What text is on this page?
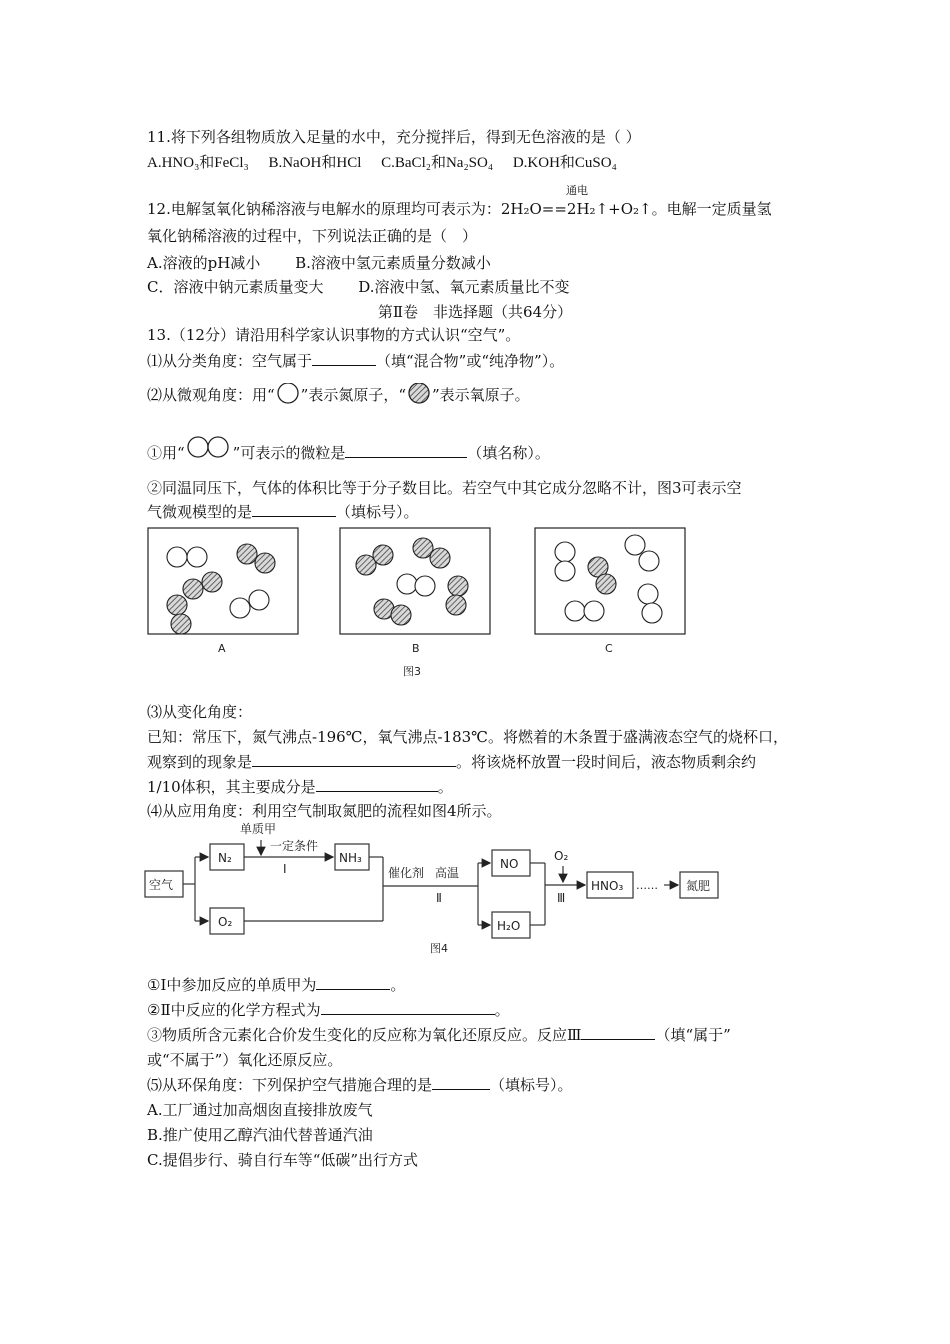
11.将下列各组物质放入足量的水中，充分搅拌后，得到无色溶液的是（ ）
A.HNO₃和FeCl₃ B.NaOH和HCl C.BaCl₂和Na₂SO₄ D.KOH和CuSO₄
通电
12.电解氢氧化钠稀溶液与电解水的原理均可表示为：2H₂O==2H₂↑+O₂↑。电解一定质量氢
氧化钠稀溶液的过程中，下列说法正确的是（　）
A.溶液的pH减小 B.溶液中氢元素质量分数减小
C．溶液中钠元素质量变大 D.溶液中氢、氧元素质量比不变
第Ⅱ卷　非选择题（共64分）
13.（12分）请沿用科学家认识事物的方式认识“空气”。
⑴从分类角度：空气属于	（填“混合物”或“纯净物”）。
⑵从微观角度：用“ ”表示氮原子，“ ”表示氧原子。
①用“	”可表示的微粒是	（填名称）。
②同温同压下，气体的体积比等于分子数目比。若空气中其它成分忽略不计，图3可表示空
气微观模型的是	（填标号）。
A	B	C
图3
⑶从变化角度：
已知：常压下，氮气沸点-196℃，氧气沸点-183℃。将燃着的木条置于盛满液态空气的烧杯口，
观察到的现象是	。将该烧杯放置一段时间后，液态物质剩余约
1/10体积，其主要成分是	。
⑷从应用角度：利用空气制取氮肥的流程如图4所示。
空气
N₂
O₂
NH₃	NO
H₂O
HNO₃ …… 氮肥
单质甲
一定条件
Ⅰ	催化剂 高温
Ⅱ
O₂
Ⅲ
图4
①Ⅰ中参加反应的单质甲为	。
②Ⅱ中反应的化学方程式为	。
③物质所含元素化合价发生变化的反应称为氧化还原反应。反应Ⅲ	（填“属于”
或“不属于”）氧化还原反应。
⑸从环保角度：下列保护空气措施合理的是	（填标号）。
A.工厂通过加高烟囱直接排放废气
B.推广使用乙醇汽油代替普通汽油
C.提倡步行、骑自行车等“低碳”出行方式
